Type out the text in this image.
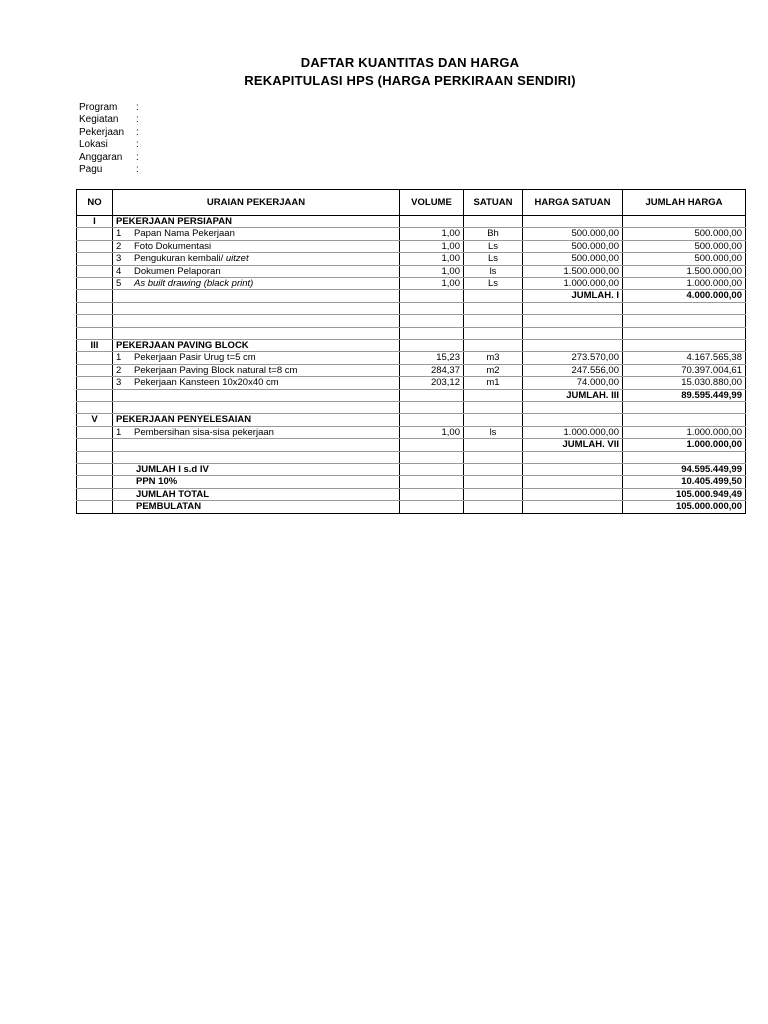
DAFTAR KUANTITAS DAN HARGA
REKAPITULASI HPS (HARGA PERKIRAAN SENDIRI)
Program	:
Kegiatan	:
Pekerjaan	:
Lokasi	:
Anggaran	:
Pagu	:
NO	URAIAN PEKERJAAN	VOLUME	SATUAN	HARGA SATUAN	JUMLAH HARGA
I	PEKERJAAN PERSIAPAN				
	1 Papan Nama Pekerjaan	1,00	Bh	500.000,00	500.000,00
	2 Foto Dokumentasi	1,00	Ls	500.000,00	500.000,00
	3 Pengukuran kembali/ uitzet	1,00	Ls	500.000,00	500.000,00
	4 Dokumen Pelaporan	1,00	ls	1.500.000,00	1.500.000,00
	5 As built drawing (black print)	1,00	Ls	1.000.000,00	1.000.000,00
				JUMLAH. I	4.000.000,00

III	PEKERJAAN PAVING BLOCK				
	1 Pekerjaan Pasir Urug t=5 cm	15,23	m3	273.570,00	4.167.565,38
	2 Pekerjaan Paving Block natural t=8 cm	284,37	m2	247.556,00	70.397.004,61
	3 Pekerjaan Kansteen 10x20x40 cm	203,12	m1	74.000,00	15.030.880,00
				JUMLAH. III	89.595.449,99

V	PEKERJAAN PENYELESAIAN				
	1 Pembersihan sisa-sisa pekerjaan	1,00	ls	1.000.000,00	1.000.000,00
				JUMLAH. VII	1.000.000,00

	JUMLAH I s.d IV				94.595.449,99
	PPN 10%				10.405.499,50
	JUMLAH TOTAL				105.000.949,49
	PEMBULATAN				105.000.000,00
